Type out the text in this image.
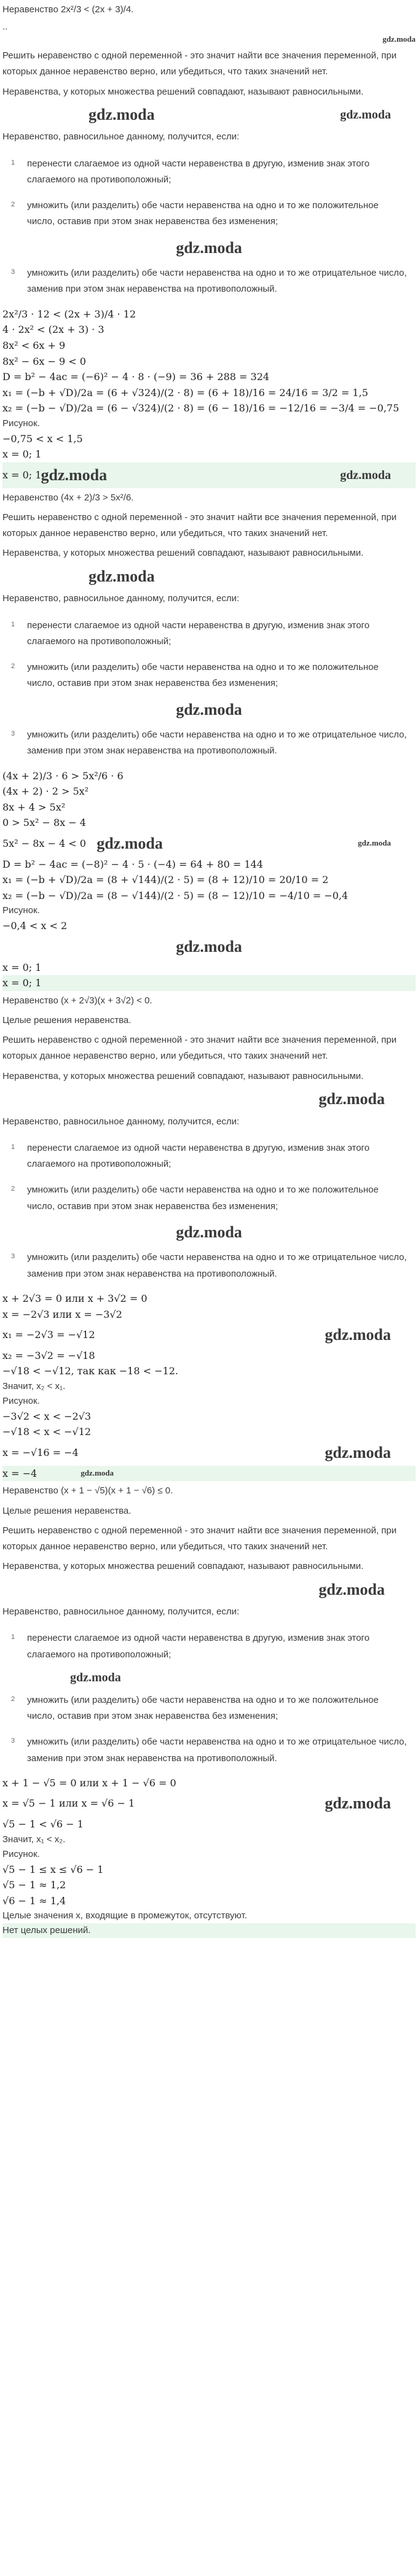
Неравенство 2x²/3 < (2x + 3)/4.
..
gdz.moda
Решить неравенство с одной переменной - это значит найти все значения переменной, при которых данное неравенство верно, или убедиться, что таких значений нет.
Неравенства, у которых множества решений совпадают, называют равносильными.
gdz.moda	gdz.moda
Неравенство, равносильное данному, получится, если:
1 перенести слагаемое из одной части неравенства в другую, изменив знак этого слагаемого на противоположный;
2 умножить (или разделить) обе части неравенства на одно и то же положительное число, оставив при этом знак неравенства без изменения;
gdz.moda
3 умножить (или разделить) обе части неравенства на одно и то же отрицательное число, заменив при этом знак неравенства на противоположный.
2x²/3 · 12 < (2x + 3)/4 · 12
4 · 2x² < (2x + 3) · 3
8x² < 6x + 9
8x² − 6x − 9 < 0
D = b² − 4ac = (−6)² − 4 · 8 · (−9) = 36 + 288 = 324
x₁ = (−b + √D)/2a = (6 + √324)/(2 · 8) = (6 + 18)/16 = 24/16 = 3/2 = 1,5
x₂ = (−b − √D)/2a = (6 − √324)/(2 · 8) = (6 − 18)/16 = −12/16 = −3/4 = −0,75
Рисунок.
−0,75 < x < 1,5
x = 0; 1
x = 0; 1 gdz.moda	gdz.moda
Неравенство (4x + 2)/3 > 5x²/6.
Решить неравенство с одной переменной - это значит найти все значения переменной, при которых данное неравенство верно, или убедиться, что таких значений нет.
Неравенства, у которых множества решений совпадают, называют равносильными.
gdz.moda
Неравенство, равносильное данному, получится, если:
1 перенести слагаемое из одной части неравенства в другую, изменив знак этого слагаемого на противоположный;
2 умножить (или разделить) обе части неравенства на одно и то же положительное число, оставив при этом знак неравенства без изменения;
gdz.moda
3 умножить (или разделить) обе части неравенства на одно и то же отрицательное число, заменив при этом знак неравенства на противоположный.
(4x + 2)/3 · 6 > 5x²/6 · 6
(4x + 2) · 2 > 5x²
8x + 4 > 5x²
0 > 5x² − 8x − 4
5x² − 8x − 4 < 0 gdz.moda	gdz.moda
D = b² − 4ac = (−8)² − 4 · 5 · (−4) = 64 + 80 = 144
x₁ = (−b + √D)/2a = (8 + √144)/(2 · 5) = (8 + 12)/10 = 20/10 = 2
x₂ = (−b − √D)/2a = (8 − √144)/(2 · 5) = (8 − 12)/10 = −4/10 = −0,4
Рисунок.
−0,4 < x < 2
gdz.moda
x = 0; 1
x = 0; 1
Неравенство (x + 2√3)(x + 3√2) < 0.
Целые решения неравенства.
Решить неравенство с одной переменной - это значит найти все значения переменной, при которых данное неравенство верно, или убедиться, что таких значений нет.
Неравенства, у которых множества решений совпадают, называют равносильными.
gdz.moda
Неравенство, равносильное данному, получится, если:
1 перенести слагаемое из одной части неравенства в другую, изменив знак этого слагаемого на противоположный;
2 умножить (или разделить) обе части неравенства на одно и то же положительное число, оставив при этом знак неравенства без изменения;
gdz.moda
3 умножить (или разделить) обе части неравенства на одно и то же отрицательное число, заменив при этом знак неравенства на противоположный.
x + 2√3 = 0 или x + 3√2 = 0
x = −2√3 или x = −3√2
x₁ = −2√3 = −√12	gdz.moda
x₂ = −3√2 = −√18
−√18 < −√12, так как −18 < −12.
Значит, x₂ < x₁.
Рисунок.
−3√2 < x < −2√3
−√18 < x < −√12
x = −√16 = −4	gdz.moda
x = −4	gdz.moda
Неравенство (x + 1 − √5)(x + 1 − √6) ≤ 0.
Целые решения неравенства.
Решить неравенство с одной переменной - это значит найти все значения переменной, при которых данное неравенство верно, или убедиться, что таких значений нет.
Неравенства, у которых множества решений совпадают, называют равносильными.
gdz.moda
Неравенство, равносильное данному, получится, если:
1 перенести слагаемое из одной части неравенства в другую, изменив знак этого слагаемого на противоположный;
gdz.moda
2 умножить (или разделить) обе части неравенства на одно и то же положительное число, оставив при этом знак неравенства без изменения;
3 умножить (или разделить) обе части неравенства на одно и то же отрицательное число, заменив при этом знак неравенства на противоположный.
x + 1 − √5 = 0 или x + 1 − √6 = 0
x = √5 − 1 или x = √6 − 1	gdz.moda
√5 − 1 < √6 − 1
Значит, x₁ < x₂.
Рисунок.
√5 − 1 ≤ x ≤ √6 − 1
√5 − 1 ≈ 1,2
√6 − 1 ≈ 1,4
Целые значения x, входящие в промежуток, отсутствуют.
Нет целых решений.
